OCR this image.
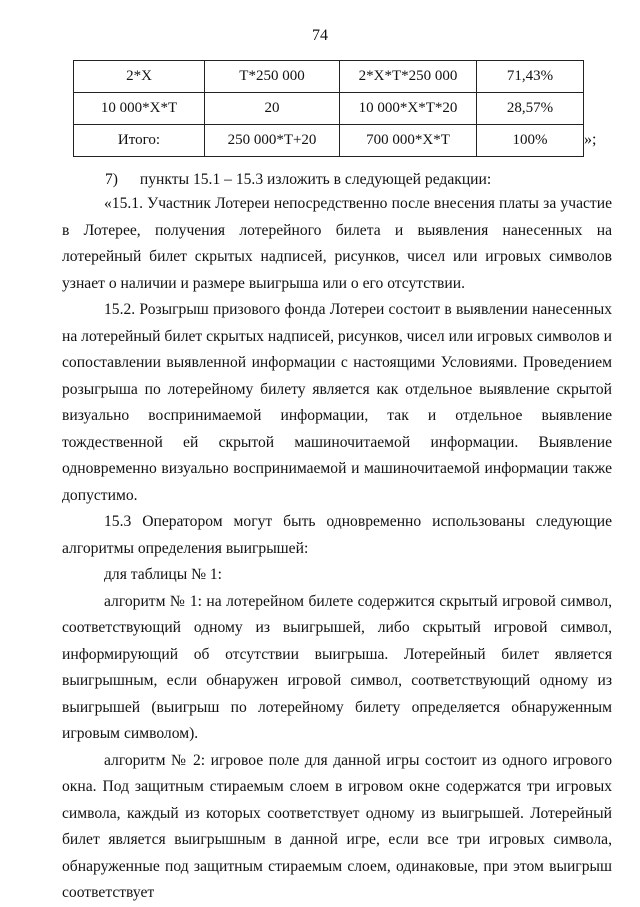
74
2*X	T*250 000	2*X*T*250 000	71,43%
10 000*X*T	20	10 000*X*T*20	28,57%
Итого:	250 000*T+20	700 000*X*T	100% »;
7) пункты 15.1 – 15.3 изложить в следующей редакции:

«15.1. Участник Лотереи непосредственно после внесения платы за участие в Лотерее, получения лотерейного билета и выявления нанесенных на лотерейный билет скрытых надписей, рисунков, чисел или игровых символов узнает о наличии и размере выигрыша или о его отсутствии.

15.2. Розыгрыш призового фонда Лотереи состоит в выявлении нанесенных на лотерейный билет скрытых надписей, рисунков, чисел или игровых символов и сопоставлении выявленной информации с настоящими Условиями. Проведением розыгрыша по лотерейному билету является как отдельное выявление скрытой визуально воспринимаемой информации, так и отдельное выявление тождественной ей скрытой машиночитаемой информации. Выявление одновременно визуально воспринимаемой и машиночитаемой информации также допустимо.

15.3 Оператором могут быть одновременно использованы следующие алгоритмы определения выигрышей:

для таблицы № 1:

алгоритм № 1: на лотерейном билете содержится скрытый игровой символ, соответствующий одному из выигрышей, либо скрытый игровой символ, информирующий об отсутствии выигрыша. Лотерейный билет является выигрышным, если обнаружен игровой символ, соответствующий одному из выигрышей (выигрыш по лотерейному билету определяется обнаруженным игровым символом).

алгоритм № 2: игровое поле для данной игры состоит из одного игрового окна. Под защитным стираемым слоем в игровом окне содержатся три игровых символа, каждый из которых соответствует одному из выигрышей. Лотерейный билет является выигрышным в данной игре, если все три игровых символа, обнаруженные под защитным стираемым слоем, одинаковые, при этом выигрыш соответствует
